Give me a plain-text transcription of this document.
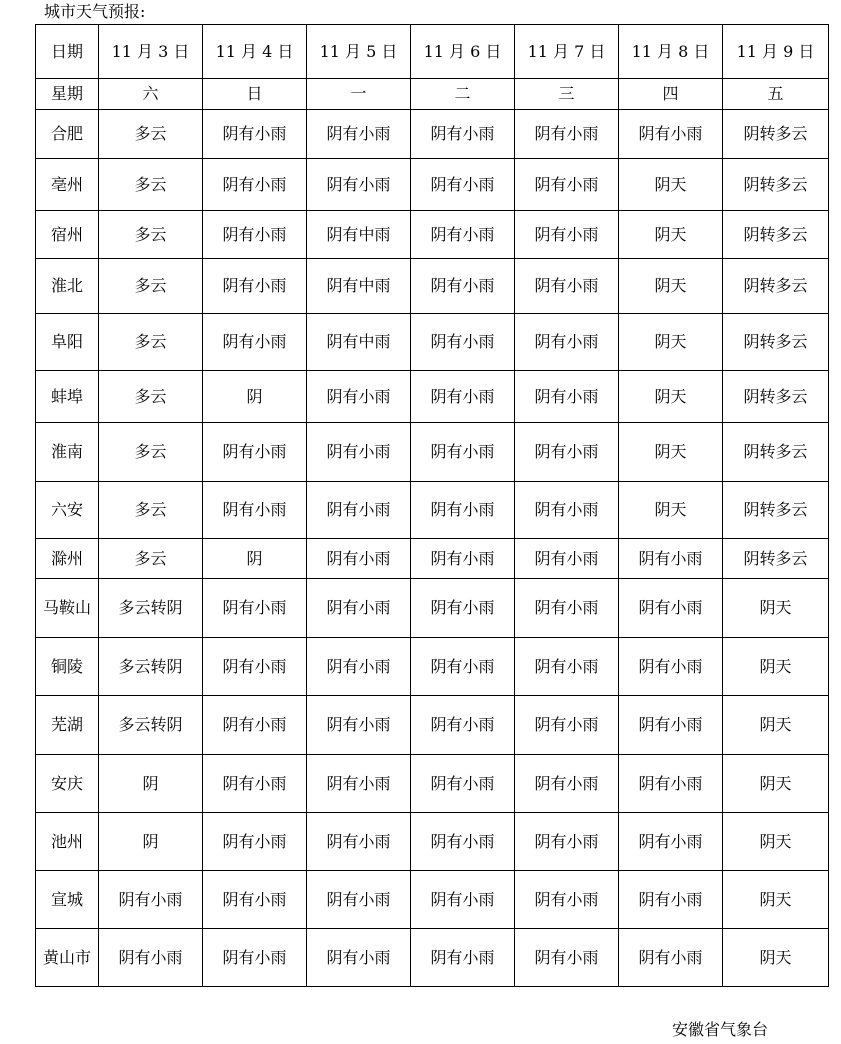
城市天气预报:
日期	11 月 3 日	11 月 4 日	11 月 5 日	11 月 6 日	11 月 7 日	11 月 8 日	11 月 9 日
星期	六	日	一	二	三	四	五
合肥	多云	阴有小雨	阴有小雨	阴有小雨	阴有小雨	阴有小雨	阴转多云
亳州	多云	阴有小雨	阴有小雨	阴有小雨	阴有小雨	阴天	阴转多云
宿州	多云	阴有小雨	阴有中雨	阴有小雨	阴有小雨	阴天	阴转多云
淮北	多云	阴有小雨	阴有中雨	阴有小雨	阴有小雨	阴天	阴转多云
阜阳	多云	阴有小雨	阴有中雨	阴有小雨	阴有小雨	阴天	阴转多云
蚌埠	多云	阴	阴有小雨	阴有小雨	阴有小雨	阴天	阴转多云
淮南	多云	阴有小雨	阴有小雨	阴有小雨	阴有小雨	阴天	阴转多云
六安	多云	阴有小雨	阴有小雨	阴有小雨	阴有小雨	阴天	阴转多云
滁州	多云	阴	阴有小雨	阴有小雨	阴有小雨	阴有小雨	阴转多云
马鞍山	多云转阴	阴有小雨	阴有小雨	阴有小雨	阴有小雨	阴有小雨	阴天
铜陵	多云转阴	阴有小雨	阴有小雨	阴有小雨	阴有小雨	阴有小雨	阴天
芜湖	多云转阴	阴有小雨	阴有小雨	阴有小雨	阴有小雨	阴有小雨	阴天
安庆	阴	阴有小雨	阴有小雨	阴有小雨	阴有小雨	阴有小雨	阴天
池州	阴	阴有小雨	阴有小雨	阴有小雨	阴有小雨	阴有小雨	阴天
宣城	阴有小雨	阴有小雨	阴有小雨	阴有小雨	阴有小雨	阴有小雨	阴天
黄山市	阴有小雨	阴有小雨	阴有小雨	阴有小雨	阴有小雨	阴有小雨	阴天
安徽省气象台
